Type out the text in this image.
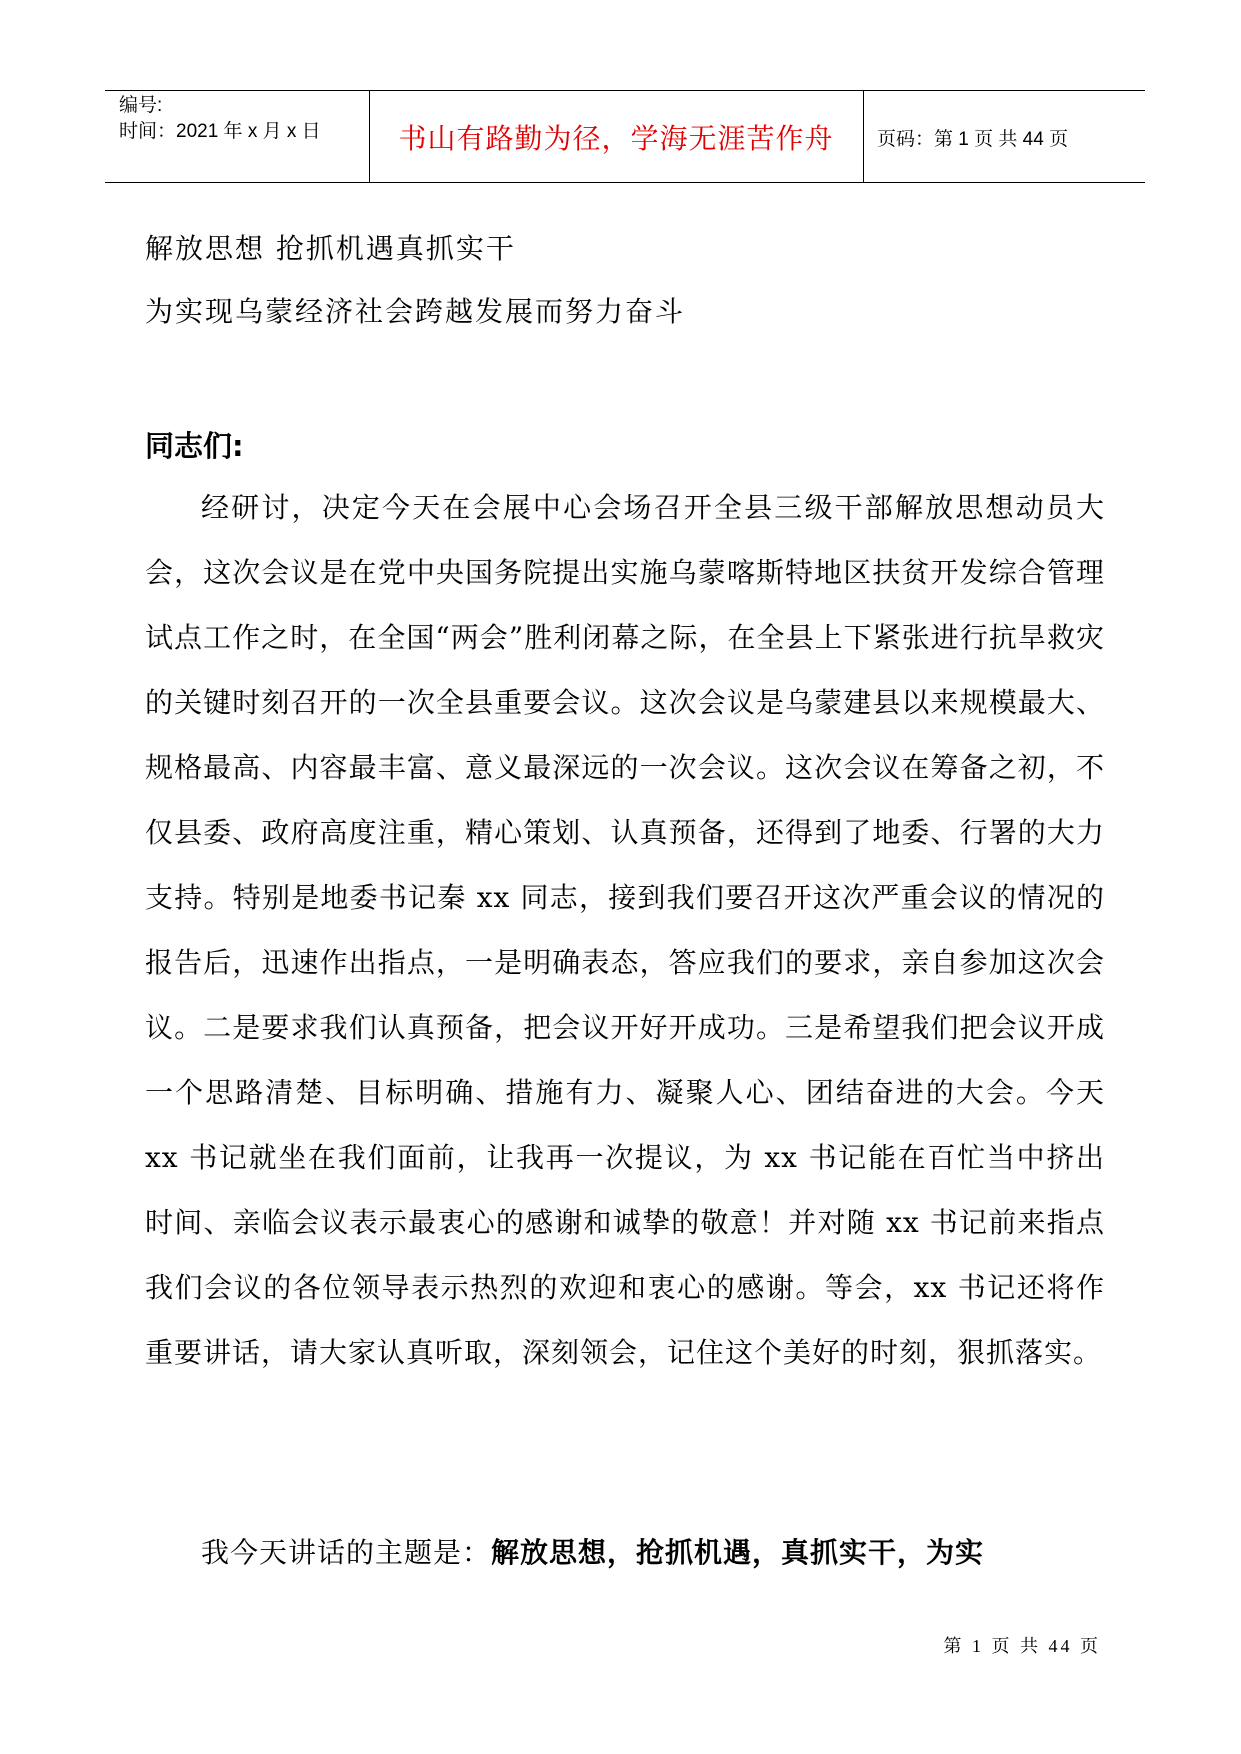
编号:
时间：2021 年 x 月 x 日	书山有路勤为径，学海无涯苦作舟	页码：第 1 页 共 44 页
解放思想 抢抓机遇真抓实干
为实现乌蒙经济社会跨越发展而努力奋斗
同志们:

经研讨，决定今天在会展中心会场召开全县三级干部解放思想动员大会，这次会议是在党中央国务院提出实施乌蒙喀斯特地区扶贫开发综合管理试点工作之时，在全国“两会”胜利闭幕之际，在全县上下紧张进行抗旱救灾的关键时刻召开的一次全县重要会议。这次会议是乌蒙建县以来规模最大、规格最高、内容最丰富、意义最深远的一次会议。这次会议在筹备之初，不仅县委、政府高度注重，精心策划、认真预备，还得到了地委、行署的大力支持。特别是地委书记秦 xx 同志，接到我们要召开这次严重会议的情况的报告后，迅速作出指点，一是明确表态，答应我们的要求，亲自参加这次会议。二是要求我们认真预备，把会议开好开成功。三是希望我们把会议开成一个思路清楚、目标明确、措施有力、凝聚人心、团结奋进的大会。今天 xx 书记就坐在我们面前，让我再一次提议，为 xx 书记能在百忙当中挤出时间、亲临会议表示最衷心的感谢和诚挚的敬意！并对随 xx 书记前来指点我们会议的各位领导表示热烈的欢迎和衷心的感谢。等会，xx 书记还将作重要讲话，请大家认真听取，深刻领会，记住这个美好的时刻，狠抓落实。

我今天讲话的主题是：解放思想，抢抓机遇，真抓实干，为实

第 1 页 共 44 页
